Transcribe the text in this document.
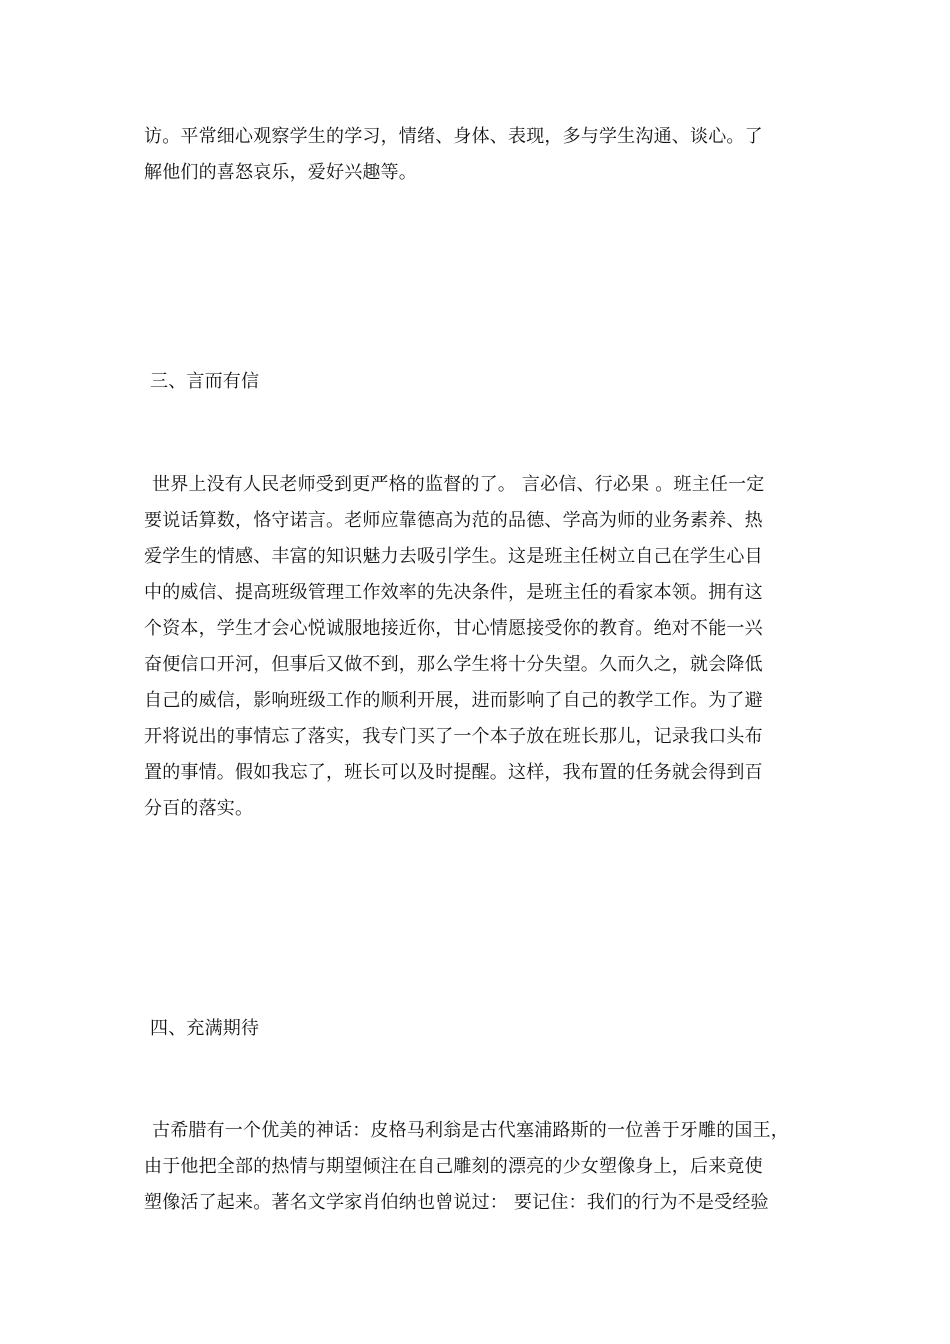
访。平常细心观察学生的学习，情绪、身体、表现，多与学生沟通、谈心。了
解他们的喜怒哀乐，爱好兴趣等。
三、言而有信
世界上没有人民老师受到更严格的监督的了。 言必信、行必果 。班主任一定
要说话算数，恪守诺言。老师应靠德高为范的品德、学高为师的业务素养、热
爱学生的情感、丰富的知识魅力去吸引学生。这是班主任树立自己在学生心目
中的威信、提高班级管理工作效率的先决条件，是班主任的看家本领。拥有这
个资本，学生才会心悦诚服地接近你，甘心情愿接受你的教育。绝对不能一兴
奋便信口开河，但事后又做不到，那么学生将十分失望。久而久之，就会降低
自己的威信，影响班级工作的顺利开展，进而影响了自己的教学工作。为了避
开将说出的事情忘了落实，我专门买了一个本子放在班长那儿，记录我口头布
置的事情。假如我忘了，班长可以及时提醒。这样，我布置的任务就会得到百
分百的落实。
四、充满期待
古希腊有一个优美的神话：皮格马利翁是古代塞浦路斯的一位善于牙雕的国王，
由于他把全部的热情与期望倾注在自己雕刻的漂亮的少女塑像身上，后来竟使
塑像活了起来。著名文学家肖伯纳也曾说过： 要记住：我们的行为不是受经验
